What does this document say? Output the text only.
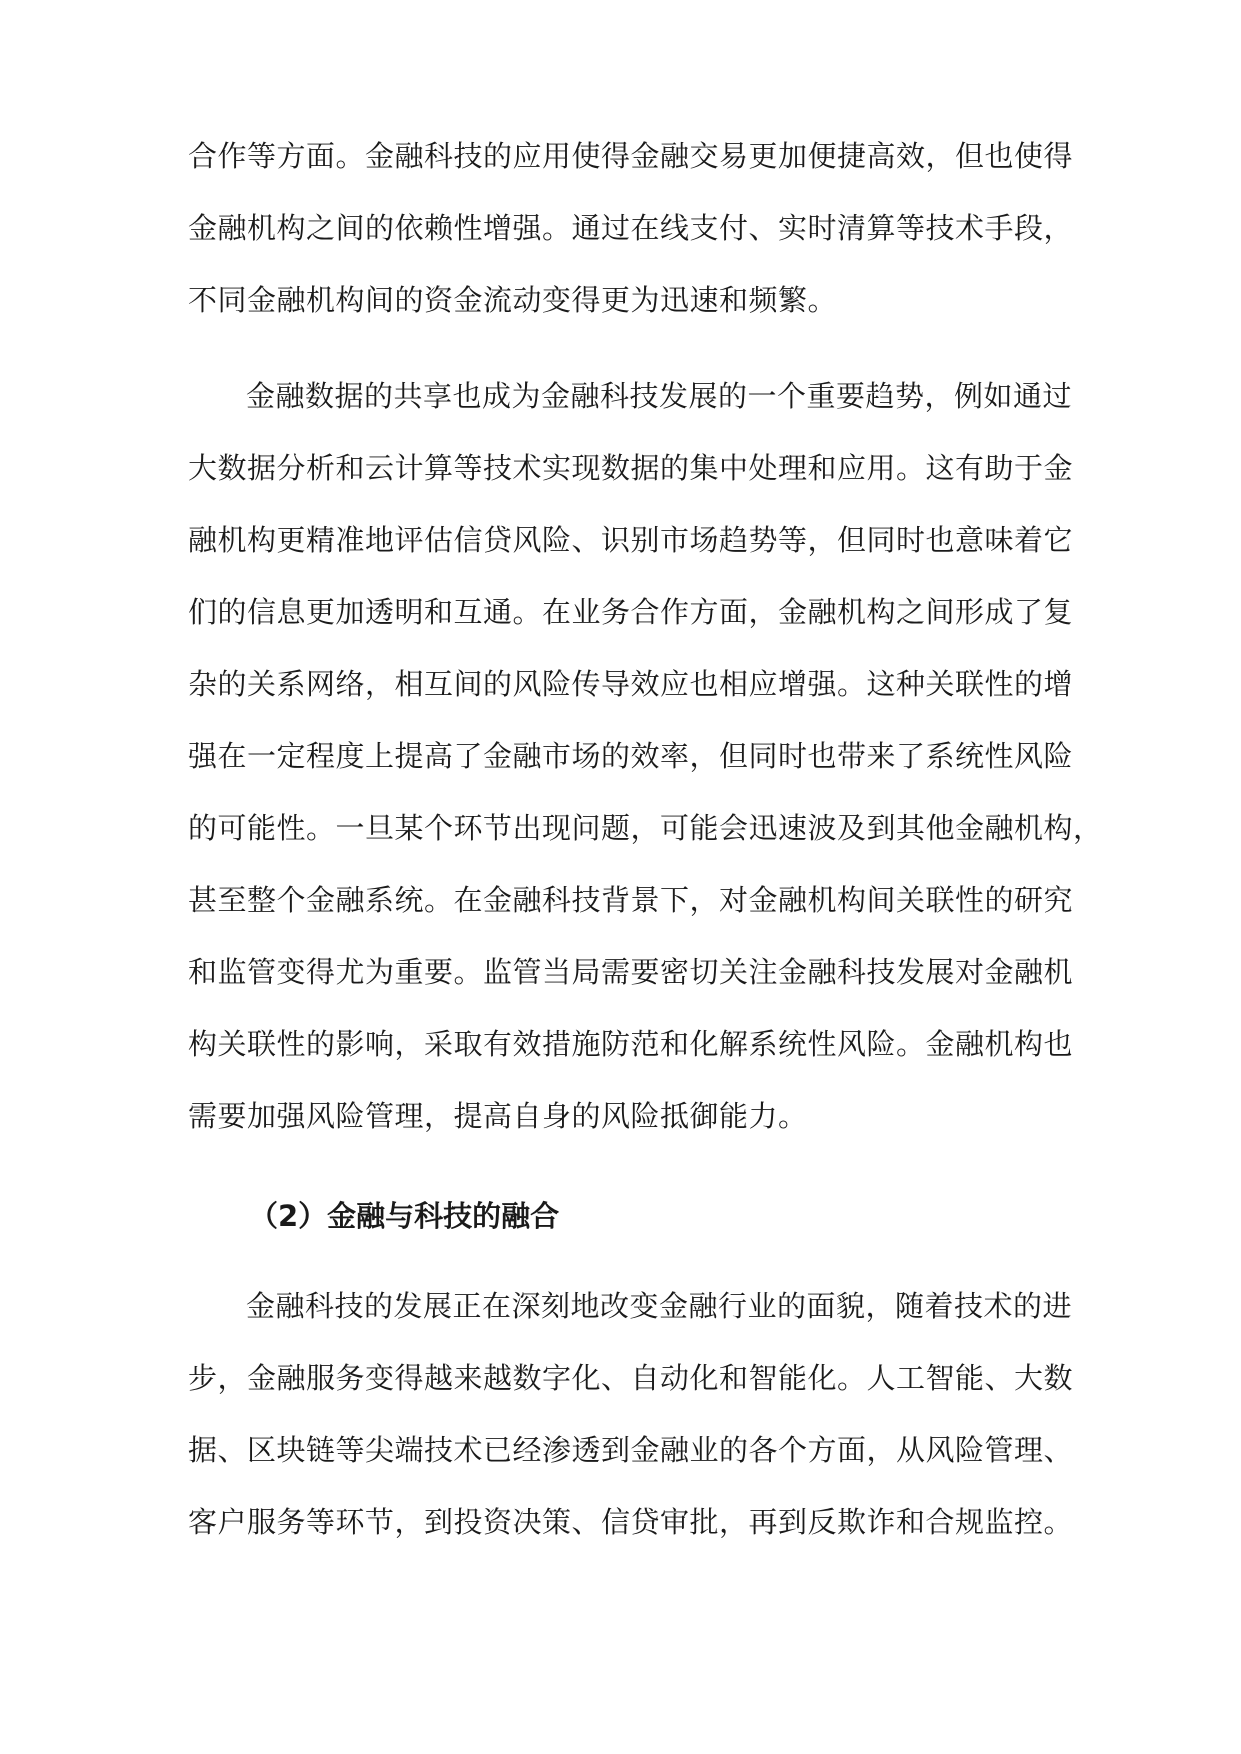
合作等方面。金融科技的应用使得金融交易更加便捷高效，但也使得
金融机构之间的依赖性增强。通过在线支付、实时清算等技术手段，
不同金融机构间的资金流动变得更为迅速和频繁。
金融数据的共享也成为金融科技发展的一个重要趋势，例如通过
大数据分析和云计算等技术实现数据的集中处理和应用。这有助于金
融机构更精准地评估信贷风险、识别市场趋势等，但同时也意味着它
们的信息更加透明和互通。在业务合作方面，金融机构之间形成了复
杂的关系网络，相互间的风险传导效应也相应增强。这种关联性的增
强在一定程度上提高了金融市场的效率，但同时也带来了系统性风险
的可能性。一旦某个环节出现问题，可能会迅速波及到其他金融机构，
甚至整个金融系统。在金融科技背景下，对金融机构间关联性的研究
和监管变得尤为重要。监管当局需要密切关注金融科技发展对金融机
构关联性的影响，采取有效措施防范和化解系统性风险。金融机构也
需要加强风险管理，提高自身的风险抵御能力。
（2）金融与科技的融合
金融科技的发展正在深刻地改变金融行业的面貌，随着技术的进
步，金融服务变得越来越数字化、自动化和智能化。人工智能、大数
据、区块链等尖端技术已经渗透到金融业的各个方面，从风险管理、
客户服务等环节，到投资决策、信贷审批，再到反欺诈和合规监控。
